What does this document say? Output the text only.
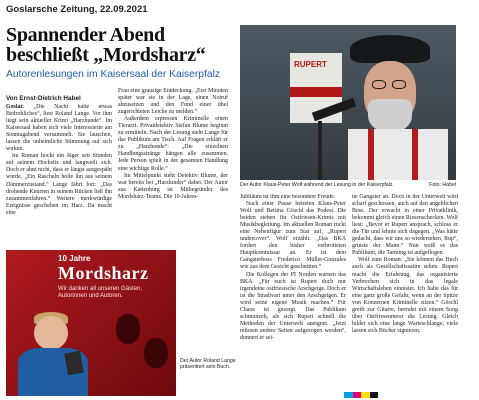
Goslarsche Zeitung, 22.09.2021
Spannender Abend beschließt „Mordsharz“
Autorenlesungen im Kaisersaal der Kaiserpfalz
Von Ernst-Dietrich Habel

Goslar. „Die Nacht hatte etwas Bedrohliches“, liest Roland Lange. Vor ihm liegt sein aktueller Krimi „Harzhunde“. Im Kaisersaal haben sich viele Interessierte am Sonntagabend versammelt. Sie lauschen, lassen die unheimliche Stimmung auf sich wirken.

Im Roman hockt ein Jäger seit Stunden auf seinem Hochsitz und langweilt sich. Doch er ahnt nicht, dass er längst ausgespäht wurde. „Ein Rascheln holte ihn aus seinem Dämmerzustand.“ Lange fährt fort: „Das drohende Knurren in seinem Rücken ließ ihn zusammenfahren.“ Weitere merkwürdige Ereignisse geschehen im Harz. Da macht eine

Frau eine grausige Entdeckung. „Erst Minuten später war sie in der Lage, einen Notruf abzusetzen und den Fund einer übel zugerichteten Leiche zu melden.“

Außerdem erpressen Kriminelle einen Tierarzt. Privatdetektiv Stefan Blume beginnt zu ermitteln. Nach der Lesung steht Lange für das Publikum am Tisch. Auf Fragen erklärt er zu „Harzhunde“: „Die einzelnen Handlungsstränge hängen alle zusammen. Jede Person spielt in der gesamten Handlung eine wichtige Rolle.“

Im Mittelpunkt steht Detektiv Blume, der war bereits bei „Harzkinder“ dabei. Der Autor aus Kattenburg ist Mitbegründer des Mordsharz-Teams. Die 10-Jahres-

RUPERT
Der Autor Klaus-Peter Wolf während der Lesung in der Kaiserpfalz.	Foto: Habel

Jubiläum ist ihm eine besondere Freude.

Nach einer Pause betreten Klaus-Peter Wolf und Bettina Göschl das Podest. Die beiden stehen für Ostfriesen-Krimis mit Musikbegleitung. Im aktuellen Roman rückt eine Nebenfigur zum Star auf, „Rupert undercover“. Wolf erzählt: „Das BKA fordert den bisher verbrotteten Hauptkommissar an. Er ist dem Gangsterboss Frederico Müller-Gonzales wie aus dem Gesicht geschnitten.“

Die Kollegen der PI Norden warnen das BKA. „Für euch ist Rupert doch nur irgendeine ostfriesische Arschgeige. Doch er ist die Stradivari unter den Arschgeigen. Er wird seine eigene Musik machen.“ Für Chaos ist gesorgt. Das Publikum schmunzelt, als sich Rupert schnell die Methoden der Unterwelt aneignet. „Jetzt müssen andere Seiten aufgezogen werden“, donnert er sei-

ne Gangster an. Doch in der Unterwelt wird scharf geschossen, auch auf den angeblichen Boss. Der erwacht in einer Privatklinik, bekommt gleich einen Riesenschecken. Wolf liest: „Bevor er Rupert ansprach, schloss er die Tür und lehnte sich dagegen. „Was hätte gedacht, dass wir uns so wiedersehen, Rup“, grinste der Mann.“ Nun weiß es das Publikum, die Tarnung ist aufgeflogen.

Wolf zum Roman: „Sie können das Buch auch als Gesellschaftssatire sehen. Rupert macht die Erfahrung, das organisierte Verbrechen sich in das legale Wirtschaftsleben einnistet. Ich halte das für eine ganz große Gefahr, wenn an der Spitze von Konzernen Kriminelle sitzen.“ Göschl greift zur Gitarre, beendet mit einem Song über Ostfriesenmoor die Lesung. Gleich bildet sich eine lange Warteschlange, viele lassen sich Bücher signieren.

10 Jahre
Mordsharz
Wir danken all unseren Gästen, Autorinnen und Autoren.
Der Autor Roland Lange präsentiert sein Buch.
